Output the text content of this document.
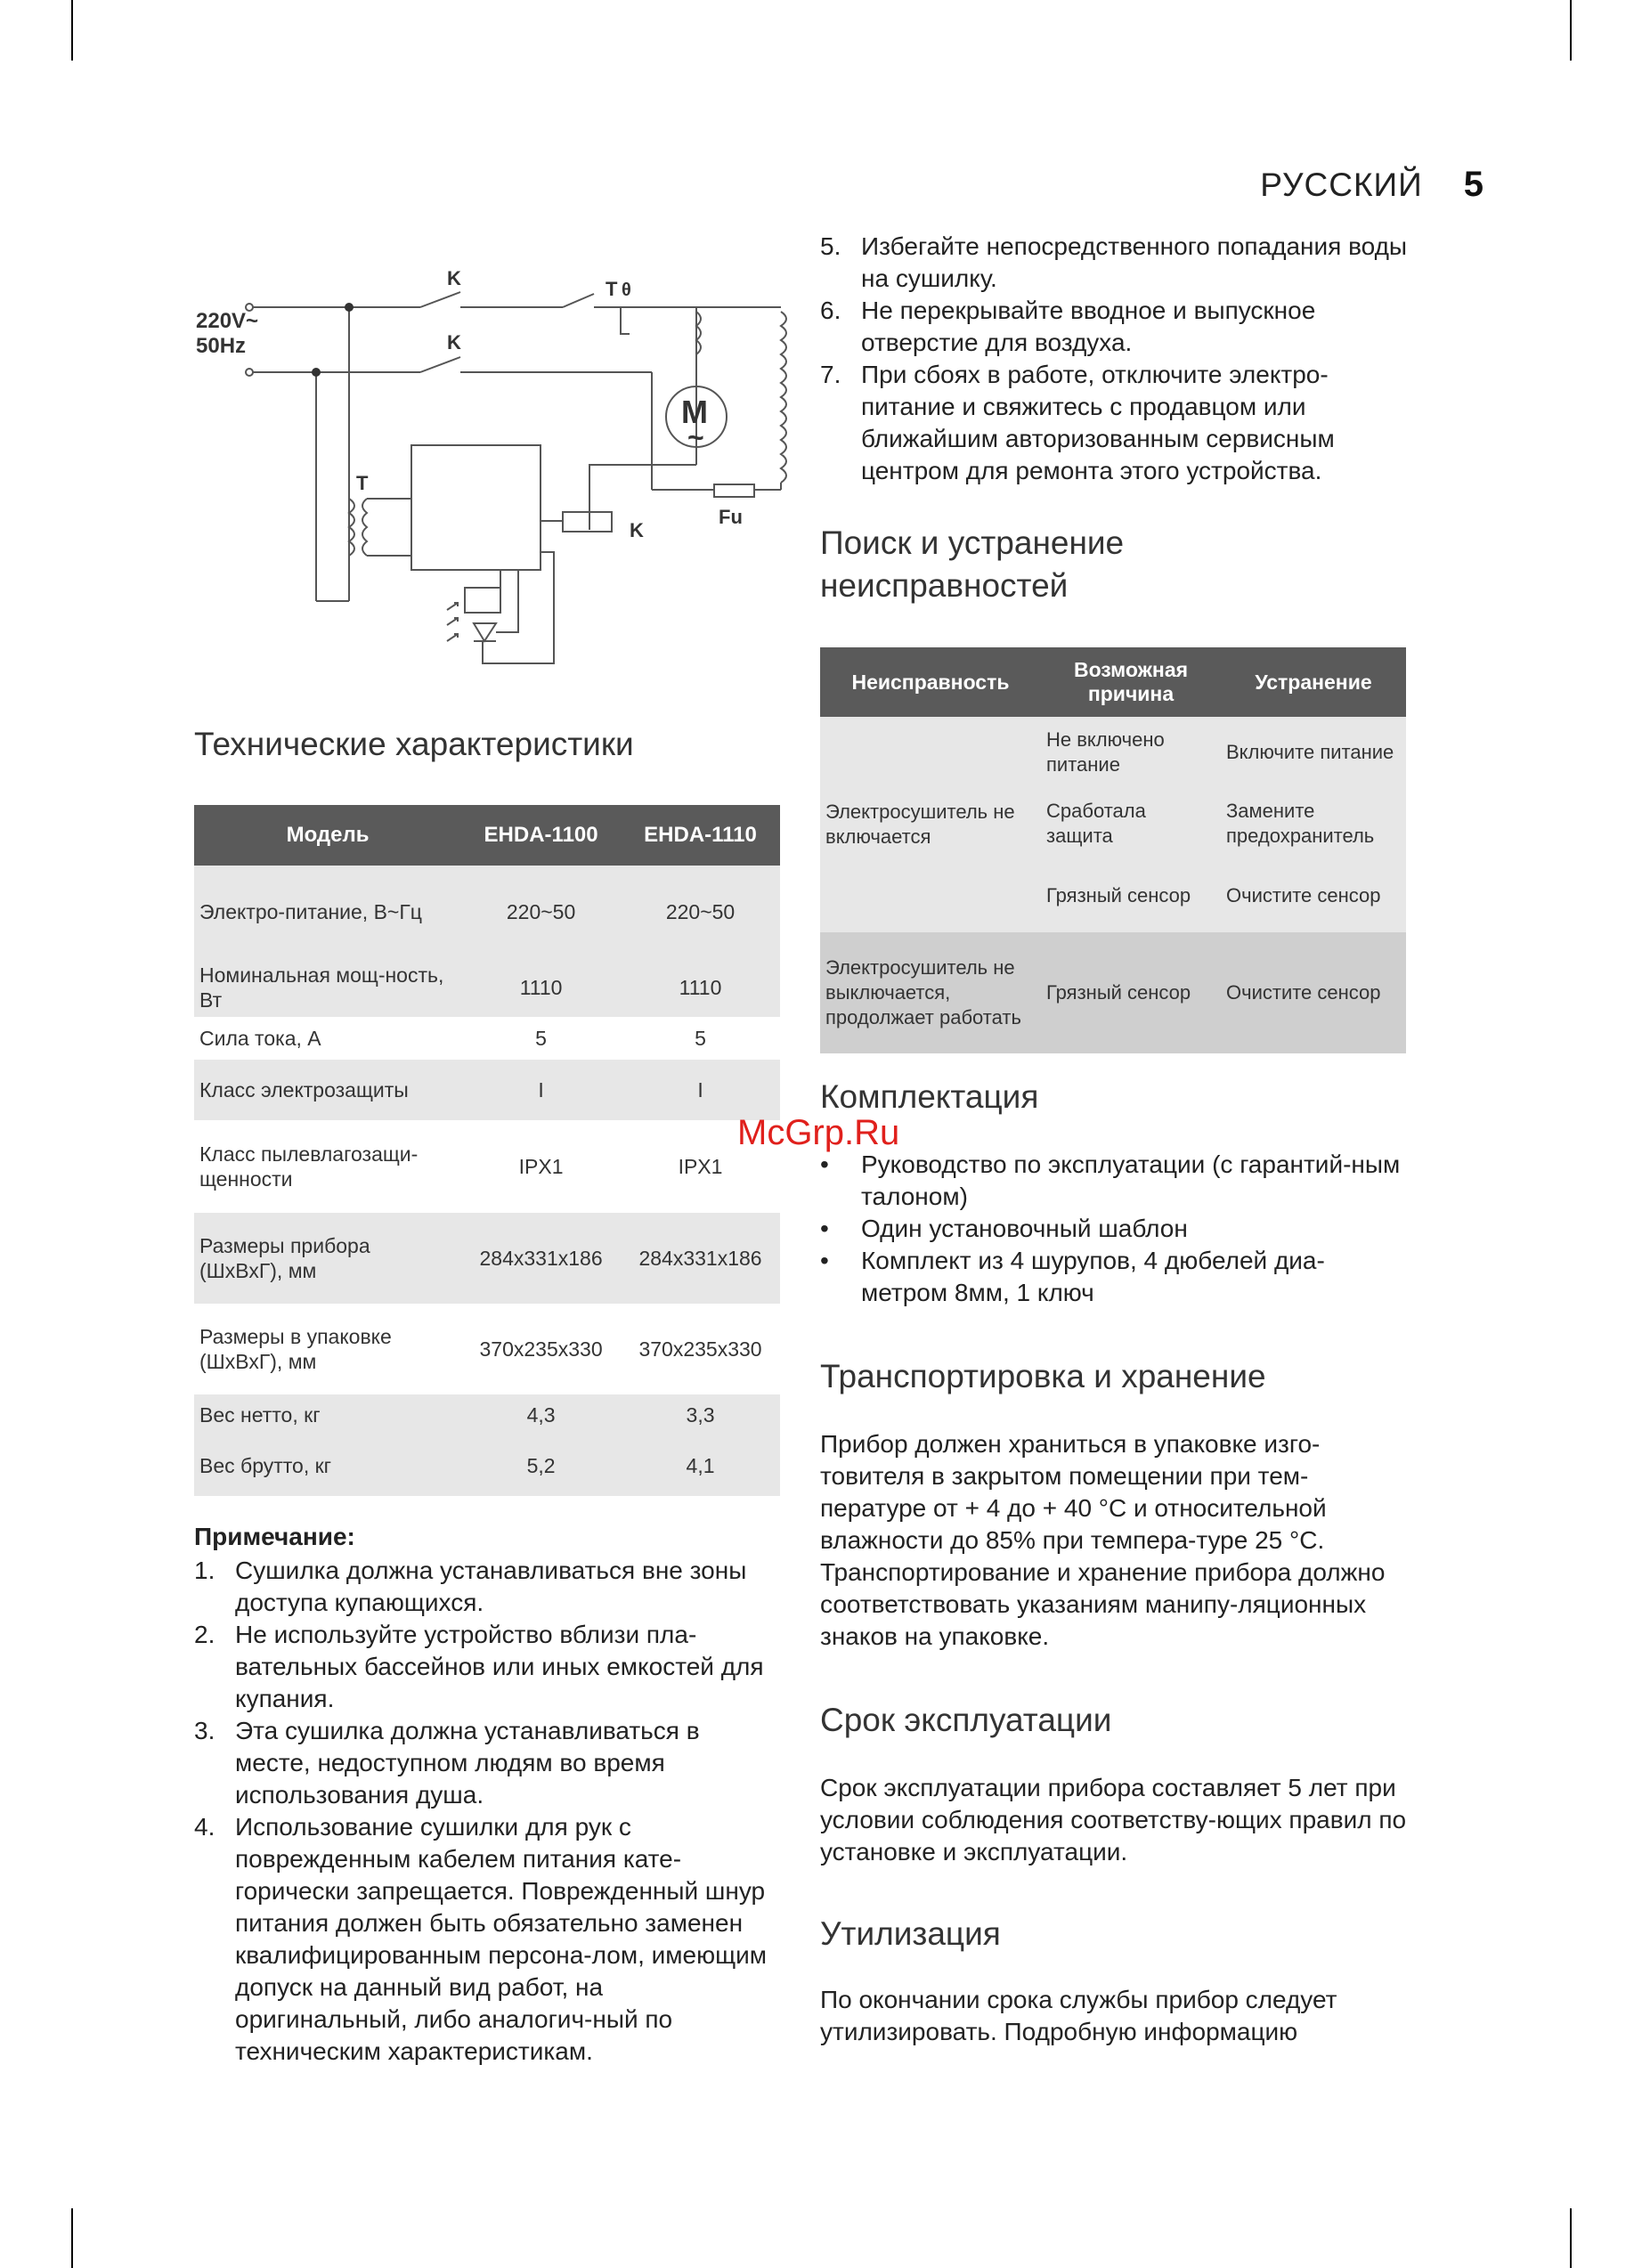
РУССКИЙ 5
220V~
50Hz
K
K
T θ
T
M
~
Fu
K
Технические характеристики
Модель	EHDA-1100	EHDA-1110
Электро-питание, В~Гц	220~50	220~50
Номинальная мощ-ность, Вт	1110	1110
Сила тока, А	5	5
Класс электрозащиты	I	I
Класс пылевлагозащи-щенности	IPX1	IPX1
Размеры прибора (ШхВхГ), мм	284x331x186	284x331x186
Размеры в упаковке (ШхВхГ), мм	370x235x330	370x235x330
Вес нетто, кг	4,3	3,3
Вес брутто, кг	5,2	4,1
Примечание:
1. Сушилка должна устанавливаться вне зоны доступа купающихся.
2. Не используйте устройство вблизи пла-вательных бассейнов или иных емкостей для купания.
3. Эта сушилка должна устанавливаться в месте, недоступном людям во время использования душа.
4. Использование сушилки для рук с поврежденным кабелем питания кате-горически запрещается. Поврежденный шнур питания должен быть обязательно заменен квалифицированным персона-лом, имеющим допуск на данный вид работ, на оригинальный, либо аналогич-ный по техническим характеристикам.
5. Избегайте непосредственного попадания воды на сушилку.
6. Не перекрывайте вводное и выпускное отверстие для воздуха.
7. При сбоях в работе, отключите электро-питание и свяжитесь с продавцом или ближайшим авторизованным сервисным центром для ремонта этого устройства.
Поиск и устранение неисправностей
Неисправность	Возможная причина	Устранение
Электросушитель не включается	Не включено питание	Включите питание
	Сработала защита	Замените предохранитель
	Грязный сенсор	Очистите сенсор
Электросушитель не выключается, продолжает работать	Грязный сенсор	Очистите сенсор
Комплектация
McGrp.Ru
• Руководство по эксплуатации (с гарантий-ным талоном)
• Один установочный шаблон
• Комплект из 4 шурупов, 4 дюбелей диа-метром 8мм, 1 ключ
Транспортировка и хранение

Прибор должен храниться в упаковке изго-товителя в закрытом помещении при тем-пературе от + 4 до + 40 °С и относительной влажности до 85% при темпера-туре 25 °С. Транспортирование и хранение прибора должно соответствовать указаниям манипу-ляционных знаков на упаковке.

Срок эксплуатации

Срок эксплуатации прибора составляет 5 лет при условии соблюдения соответству-ющих правил по установке и эксплуатации.

Утилизация

По окончании срока службы прибор следует утилизировать. Подробную информацию
